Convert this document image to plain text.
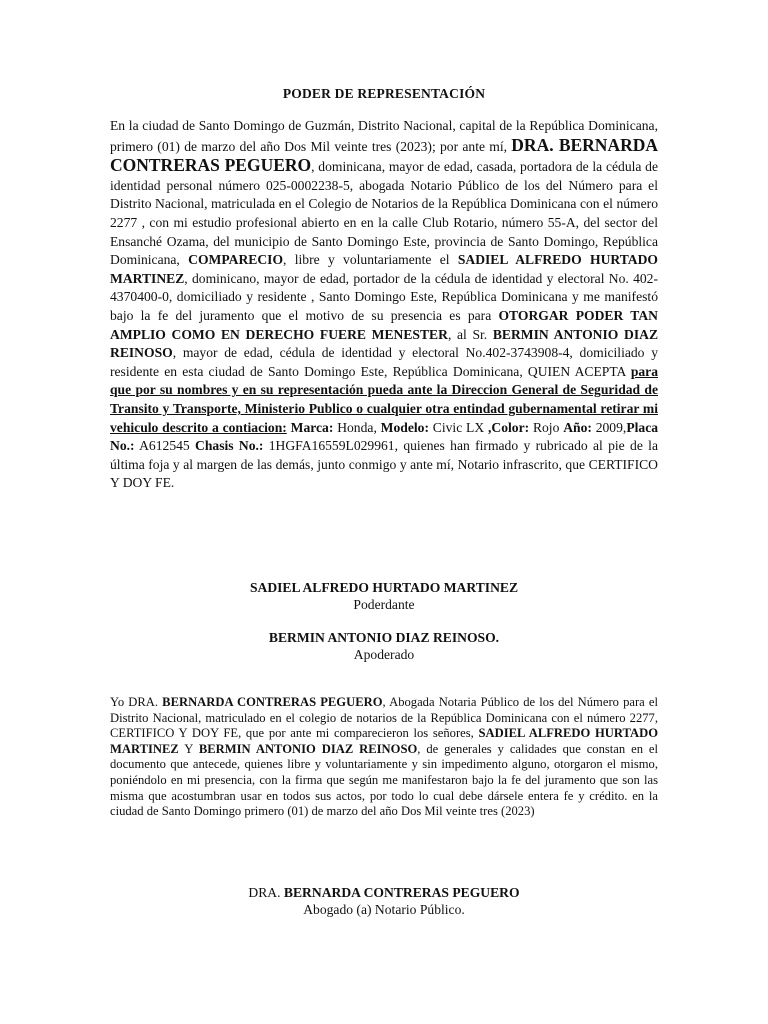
PODER DE REPRESENTACIÓN
En la ciudad de Santo Domingo de Guzmán, Distrito Nacional, capital de la República Dominicana, primero (01) de marzo del año Dos Mil veinte tres (2023); por ante mí, DRA. BERNARDA CONTRERAS PEGUERO, dominicana, mayor de edad, casada, portadora de la cédula de identidad personal número 025-0002238-5, abogada Notario Público de los del Número para el Distrito Nacional, matriculada en el Colegio de Notarios de la República Dominicana con el número 2277 , con mi estudio profesional abierto en en la calle Club Rotario, número 55-A, del sector del Ensanché Ozama, del municipio de Santo Domingo Este, provincia de Santo Domingo, República Dominicana, COMPARECIO, libre y voluntariamente el SADIEL ALFREDO HURTADO MARTINEZ, dominicano, mayor de edad, portador de la cédula de identidad y electoral No. 402-4370400-0, domiciliado y residente , Santo Domingo Este, República Dominicana y me manifestó bajo la fe del juramento que el motivo de su presencia es para OTORGAR PODER TAN AMPLIO COMO EN DERECHO FUERE MENESTER, al Sr. BERMIN ANTONIO DIAZ REINOSO, mayor de edad, cédula de identidad y electoral No.402-3743908-4, domiciliado y residente en esta ciudad de Santo Domingo Este, República Dominicana, QUIEN ACEPTA para que por su nombres y en su representación pueda ante la Direccion General de Seguridad de Transito y Transporte, Ministerio Publico o cualquier otra entindad gubernamental retirar mi vehiculo descrito a contiacion: Marca: Honda, Modelo: Civic LX ,Color: Rojo Año: 2009,Placa No.: A612545 Chasis No.: 1HGFA16559L029961, quienes han firmado y rubricado al pie de la última foja y al margen de las demás, junto conmigo y ante mí, Notario infrascrito, que CERTIFICO Y DOY FE.
SADIEL ALFREDO HURTADO MARTINEZ
Poderdante
BERMIN ANTONIO DIAZ REINOSO.
Apoderado
Yo DRA. BERNARDA CONTRERAS PEGUERO, Abogada Notaria Público de los del Número para el Distrito Nacional, matriculado en el colegio de notarios de la República Dominicana con el número 2277, CERTIFICO Y DOY FE, que por ante mi comparecieron los señores, SADIEL ALFREDO HURTADO MARTINEZ Y BERMIN ANTONIO DIAZ REINOSO, de generales y calidades que constan en el documento que antecede, quienes libre y voluntariamente y sin impedimento alguno, otorgaron el mismo, poniéndolo en mi presencia, con la firma que según me manifestaron bajo la fe del juramento que son las misma que acostumbran usar en todos sus actos, por todo lo cual debe dársele entera fe y crédito. en la ciudad de Santo Domingo primero (01) de marzo del año Dos Mil veinte tres (2023)
DRA. BERNARDA CONTRERAS PEGUERO
Abogado (a) Notario Público.
